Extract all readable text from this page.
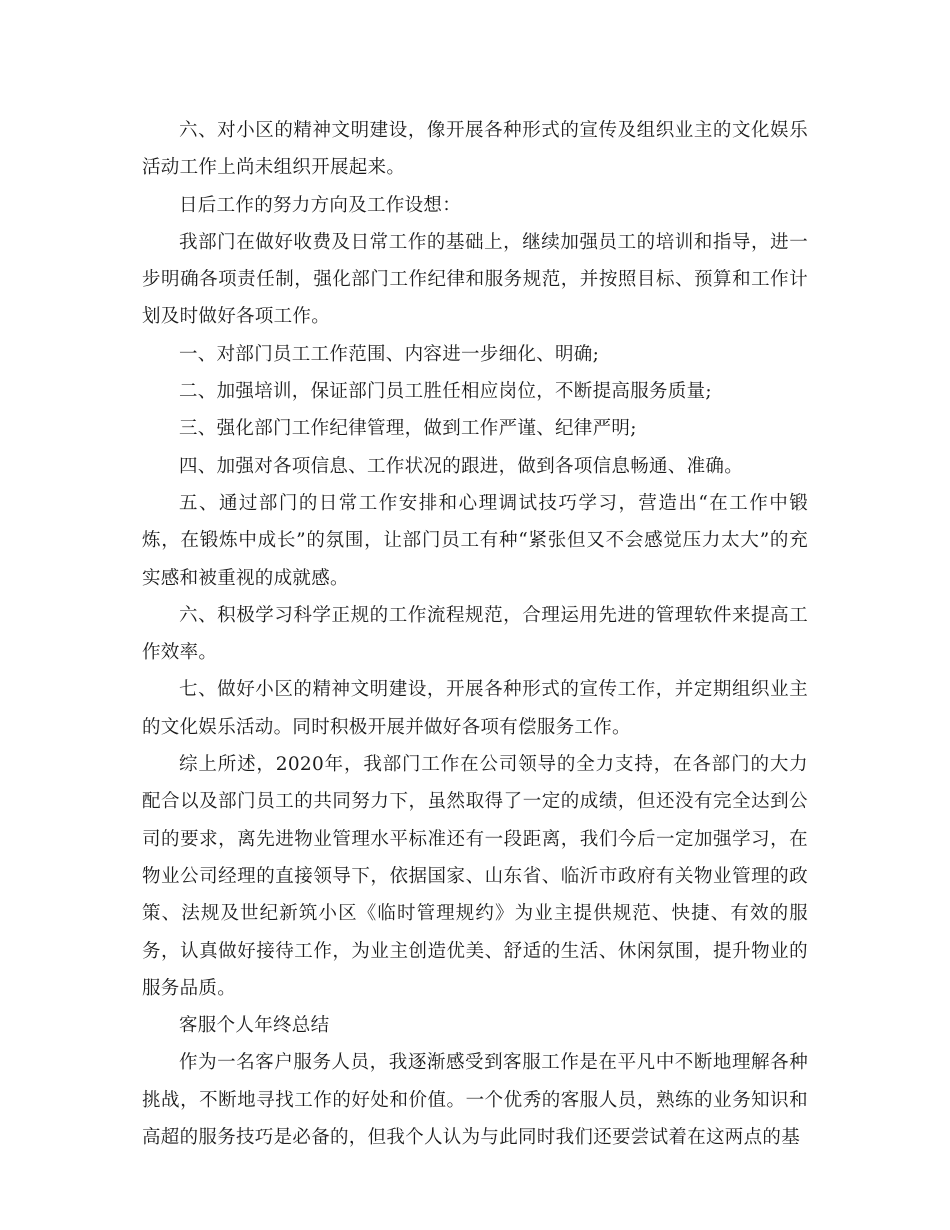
六、对小区的精神文明建设，像开展各种形式的宣传及组织业主的文化娱乐活动工作上尚未组织开展起来。

日后工作的努力方向及工作设想：

我部门在做好收费及日常工作的基础上，继续加强员工的培训和指导，进一步明确各项责任制，强化部门工作纪律和服务规范，并按照目标、预算和工作计划及时做好各项工作。

一、对部门员工工作范围、内容进一步细化、明确;

二、加强培训，保证部门员工胜任相应岗位，不断提高服务质量;

三、强化部门工作纪律管理，做到工作严谨、纪律严明;

四、加强对各项信息、工作状况的跟进，做到各项信息畅通、准确。

五、通过部门的日常工作安排和心理调试技巧学习，营造出“在工作中锻炼，在锻炼中成长”的氛围，让部门员工有种“紧张但又不会感觉压力太大”的充实感和被重视的成就感。

六、积极学习科学正规的工作流程规范，合理运用先进的管理软件来提高工作效率。

七、做好小区的精神文明建设，开展各种形式的宣传工作，并定期组织业主的文化娱乐活动。同时积极开展并做好各项有偿服务工作。

综上所述，2020年，我部门工作在公司领导的全力支持，在各部门的大力配合以及部门员工的共同努力下，虽然取得了一定的成绩，但还没有完全达到公司的要求，离先进物业管理水平标准还有一段距离，我们今后一定加强学习，在物业公司经理的直接领导下，依据国家、山东省、临沂市政府有关物业管理的政策、法规及世纪新筑小区《临时管理规约》为业主提供规范、快捷、有效的服务，认真做好接待工作，为业主创造优美、舒适的生活、休闲氛围，提升物业的服务品质。

客服个人年终总结

作为一名客户服务人员，我逐渐感受到客服工作是在平凡中不断地理解各种挑战，不断地寻找工作的好处和价值。一个优秀的客服人员，熟练的业务知识和高超的服务技巧是必备的，但我个人认为与此同时我们还要尝试着在这两点的基
